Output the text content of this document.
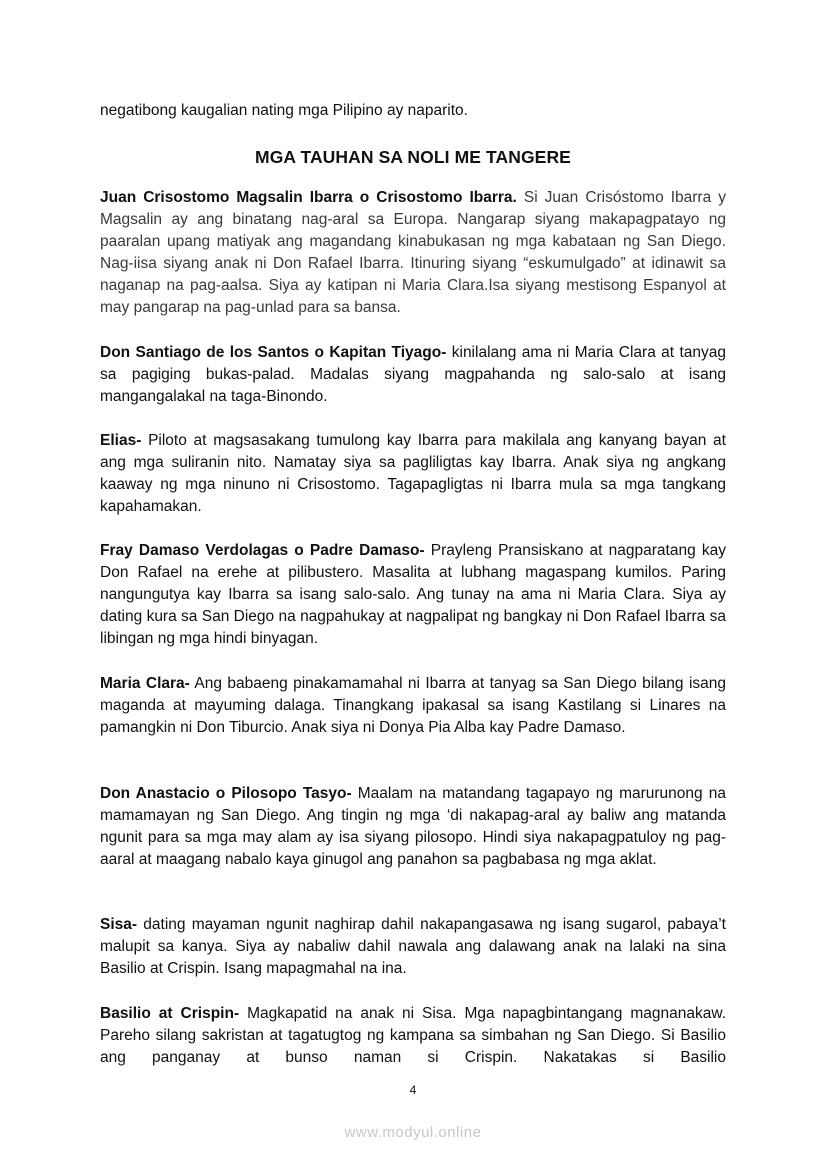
negatibong kaugalian nating mga Pilipino ay naparito.
MGA TAUHAN SA NOLI ME TANGERE

Juan Crisostomo Magsalin Ibarra o Crisostomo Ibarra. Si Juan Crisóstomo Ibarra y Magsalin ay ang binatang nag-aral sa Europa. Nangarap siyang makapagpatayo ng paaralan upang matiyak ang magandang kinabukasan ng mga kabataan ng San Diego. Nag-iisa siyang anak ni Don Rafael Ibarra. Itinuring siyang “eskumulgado” at idinawit sa naganap na pag-aalsa. Siya ay katipan ni Maria Clara.Isa siyang mestisong Espanyol at may pangarap na pag-unlad para sa bansa.

Don Santiago de los Santos o Kapitan Tiyago- kinilalang ama ni Maria Clara at tanyag sa pagiging bukas-palad. Madalas siyang magpahanda ng salo-salo at isang mangangalakal na taga-Binondo.

Elias- Piloto at magsasakang tumulong kay Ibarra para makilala ang kanyang bayan at ang mga suliranin nito. Namatay siya sa pagliligtas kay Ibarra. Anak siya ng angkang kaaway ng mga ninuno ni Crisostomo. Tagapagligtas ni Ibarra mula sa mga tangkang kapahamakan.

Fray Damaso Verdolagas o Padre Damaso- Prayleng Pransiskano at nagparatang kay Don Rafael na erehe at pilibustero. Masalita at lubhang magaspang kumilos. Paring nangungutya kay Ibarra sa isang salo-salo. Ang tunay na ama ni Maria Clara. Siya ay dating kura sa San Diego na nagpahukay at nagpalipat ng bangkay ni Don Rafael Ibarra sa libingan ng mga hindi binyagan.

Maria Clara- Ang babaeng pinakamamahal ni Ibarra at tanyag sa San Diego bilang isang maganda at mayuming dalaga. Tinangkang ipakasal sa isang Kastilang si Linares na pamangkin ni Don Tiburcio. Anak siya ni Donya Pia Alba kay Padre Damaso.

Don Anastacio o Pilosopo Tasyo- Maalam na matandang tagapayo ng marurunong na mamamayan ng San Diego. Ang tingin ng mga ‘di nakapag-aral ay baliw ang matanda ngunit para sa mga may alam ay isa siyang pilosopo. Hindi siya nakapagpatuloy ng pag-aaral at maagang nabalo kaya ginugol ang panahon sa pagbabasa ng mga aklat.

Sisa- dating mayaman ngunit naghirap dahil nakapangasawa ng isang sugarol, pabaya’t malupit sa kanya. Siya ay nabaliw dahil nawala ang dalawang anak na lalaki na sina Basilio at Crispin. Isang mapagmahal na ina.

Basilio at Crispin- Magkapatid na anak ni Sisa. Mga napagbintangang magnanakaw. Pareho silang sakristan at tagatugtog ng kampana sa simbahan ng San Diego. Si Basilio ang panganay at bunso naman si Crispin. Nakatakas si Basilio

4
www.modyul.online
